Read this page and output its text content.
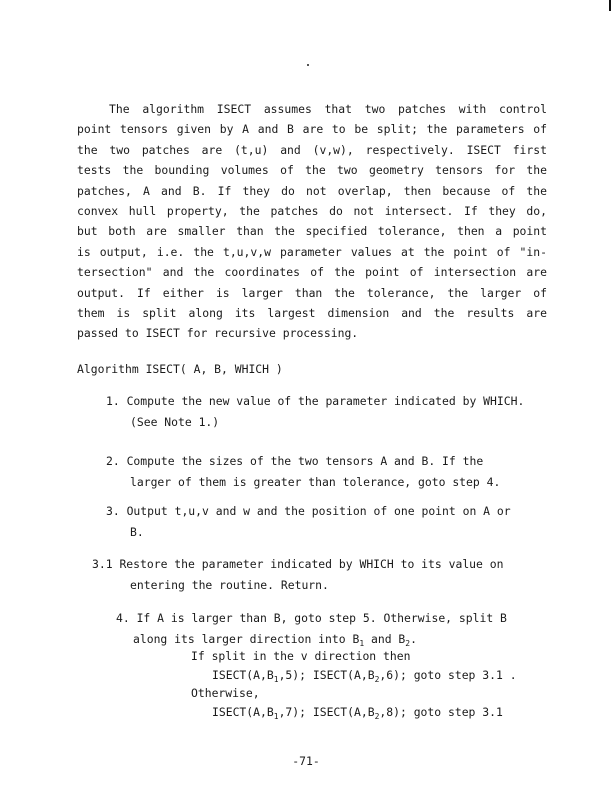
The algorithm ISECT assumes that two patches with control
point tensors given by A and B are to be split; the parameters of
the two patches are (t,u) and (v,w), respectively. ISECT first
tests the bounding volumes of the two geometry tensors for the
patches, A and B. If they do not overlap, then because of the
convex hull property, the patches do not intersect. If they do,
but both are smaller than the specified tolerance, then a point
is output, i.e. the t,u,v,w parameter values at the point of "in-
tersection" and the coordinates of the point of intersection are
output. If either is larger than the tolerance, the larger of
them is split along its largest dimension and the results are
passed to ISECT for recursive processing.
Algorithm ISECT( A, B, WHICH )
1. Compute the new value of the parameter indicated by WHICH.
(See Note 1.)
2. Compute the sizes of the two tensors A and B. If the
larger of them is greater than tolerance, goto step 4.
3. Output t,u,v and w and the position of one point on A or
B.
3.1 Restore the parameter indicated by WHICH to its value on
entering the routine. Return.
4. If A is larger than B, goto step 5. Otherwise, split B
along its larger direction into $B_1$ and $B_2$.
If split in the v direction then
$ISECT(A,B_1,5)$; $ISECT(A,B_2,6)$; goto step 3.1 .
Otherwise,
$ISECT(A,B_1,7)$; $ISECT(A,B_2,8)$; goto step 3.1
-71-
